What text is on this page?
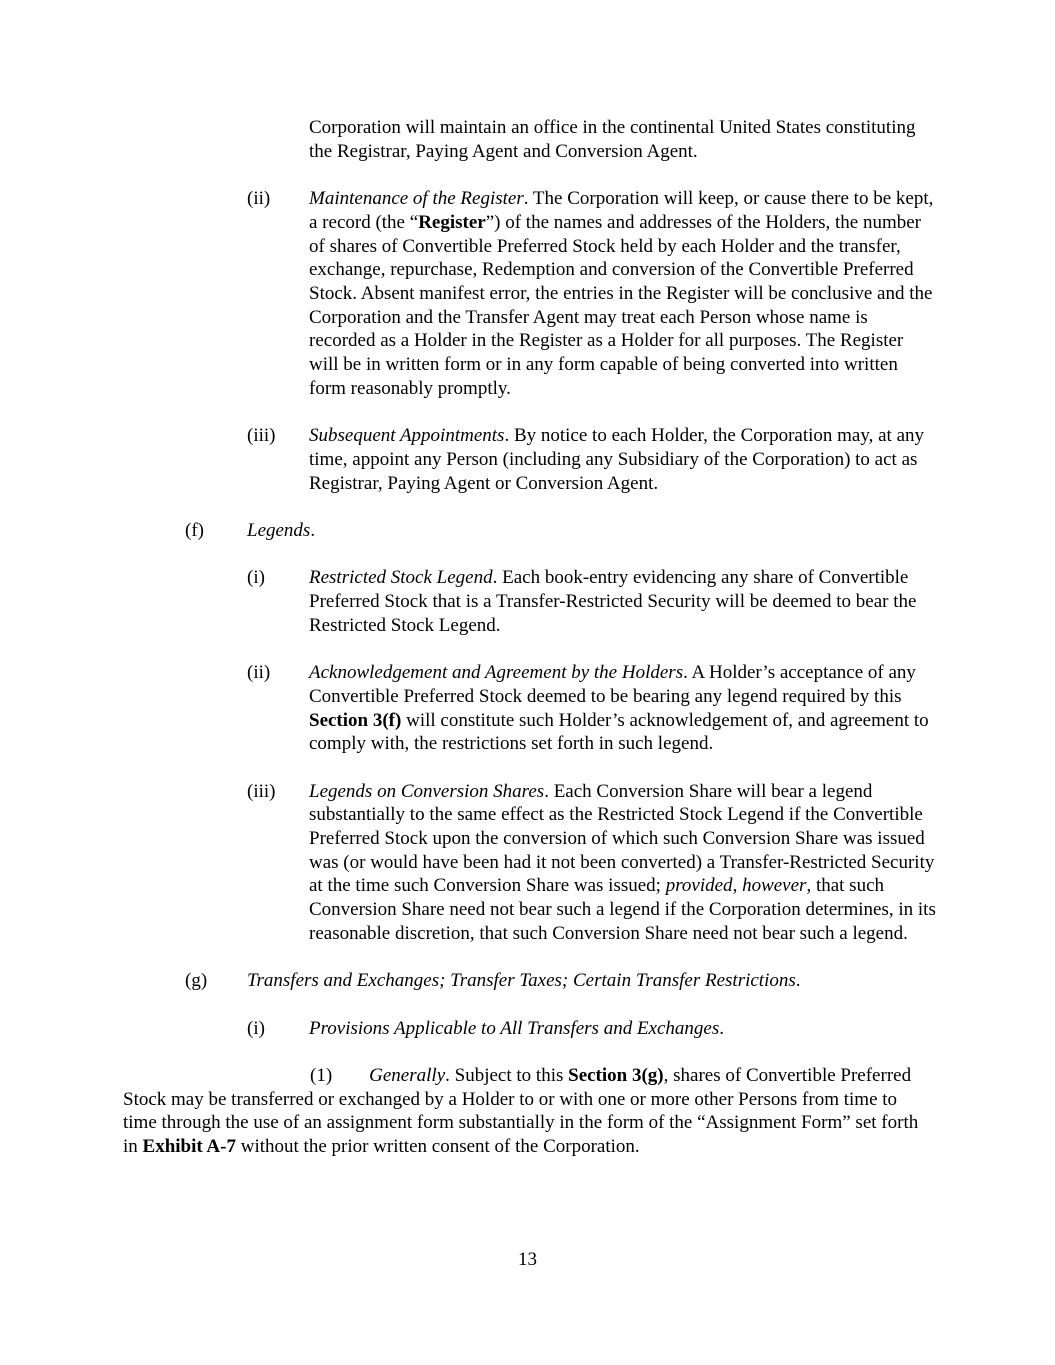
Corporation will maintain an office in the continental United States constituting the Registrar, Paying Agent and Conversion Agent.
(ii) Maintenance of the Register. The Corporation will keep, or cause there to be kept, a record (the “Register”) of the names and addresses of the Holders, the number of shares of Convertible Preferred Stock held by each Holder and the transfer, exchange, repurchase, Redemption and conversion of the Convertible Preferred Stock. Absent manifest error, the entries in the Register will be conclusive and the Corporation and the Transfer Agent may treat each Person whose name is recorded as a Holder in the Register as a Holder for all purposes. The Register will be in written form or in any form capable of being converted into written form reasonably promptly.
(iii) Subsequent Appointments. By notice to each Holder, the Corporation may, at any time, appoint any Person (including any Subsidiary of the Corporation) to act as Registrar, Paying Agent or Conversion Agent.
(f) Legends.
(i) Restricted Stock Legend. Each book-entry evidencing any share of Convertible Preferred Stock that is a Transfer-Restricted Security will be deemed to bear the Restricted Stock Legend.
(ii) Acknowledgement and Agreement by the Holders. A Holder’s acceptance of any Convertible Preferred Stock deemed to be bearing any legend required by this Section 3(f) will constitute such Holder’s acknowledgement of, and agreement to comply with, the restrictions set forth in such legend.
(iii) Legends on Conversion Shares. Each Conversion Share will bear a legend substantially to the same effect as the Restricted Stock Legend if the Convertible Preferred Stock upon the conversion of which such Conversion Share was issued was (or would have been had it not been converted) a Transfer-Restricted Security at the time such Conversion Share was issued; provided, however, that such Conversion Share need not bear such a legend if the Corporation determines, in its reasonable discretion, that such Conversion Share need not bear such a legend.
(g) Transfers and Exchanges; Transfer Taxes; Certain Transfer Restrictions.
(i) Provisions Applicable to All Transfers and Exchanges.
(1) Generally. Subject to this Section 3(g), shares of Convertible Preferred Stock may be transferred or exchanged by a Holder to or with one or more other Persons from time to time through the use of an assignment form substantially in the form of the “Assignment Form” set forth in Exhibit A-7 without the prior written consent of the Corporation.
13
